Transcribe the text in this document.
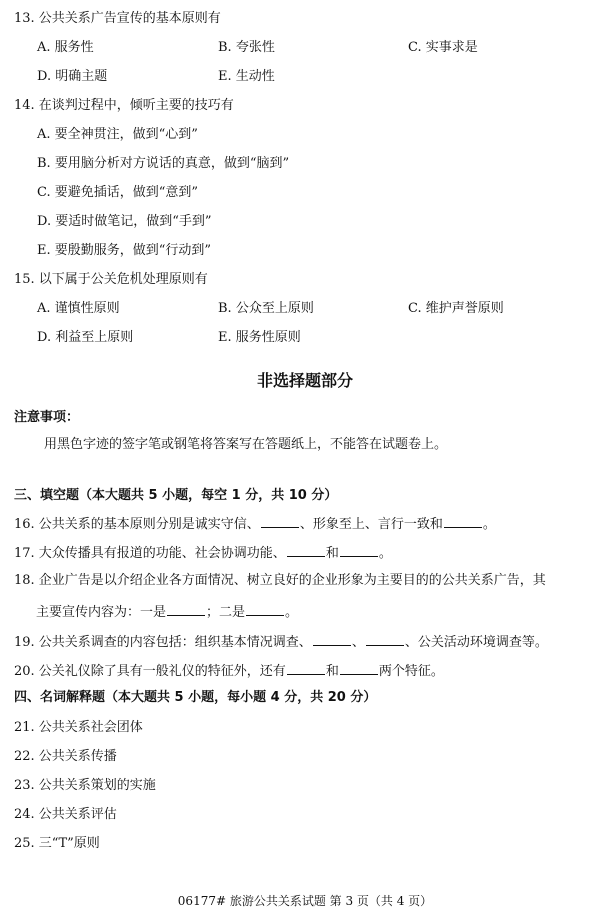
13. 公共关系广告宣传的基本原则有
A. 服务性	B. 夸张性	C. 实事求是
D. 明确主题	E. 生动性
14. 在谈判过程中，倾听主要的技巧有
A. 要全神贯注，做到“心到”
B. 要用脑分析对方说话的真意，做到“脑到”
C. 要避免插话，做到“意到”
D. 要适时做笔记，做到“手到”
E. 要殷勤服务，做到“行动到”
15. 以下属于公关危机处理原则有
A. 谨慎性原则	B. 公众至上原则	C. 维护声誉原则
D. 利益至上原则	E. 服务性原则
非选择题部分
注意事项：
用黑色字迹的签字笔或钢笔将答案写在答题纸上，不能答在试题卷上。
三、填空题（本大题共 5 小题，每空 1 分，共 10 分）
16. 公共关系的基本原则分别是诚实守信、	、形象至上、言行一致和	。
17. 大众传播具有报道的功能、社会协调功能、	和	。
18. 企业广告是以介绍企业各方面情况、树立良好的企业形象为主要目的的公共关系广告，其
主要宣传内容为：一是	；二是	。
19. 公共关系调查的内容包括：组织基本情况调查、	、	、公关活动环境调查等。
20. 公关礼仪除了具有一般礼仪的特征外，还有	和	两个特征。
四、名词解释题（本大题共 5 小题，每小题 4 分，共 20 分）
21. 公共关系社会团体
22. 公共关系传播
23. 公共关系策划的实施
24. 公共关系评估
25. 三“T”原则
06177# 旅游公共关系试题 第 3 页（共 4 页）
